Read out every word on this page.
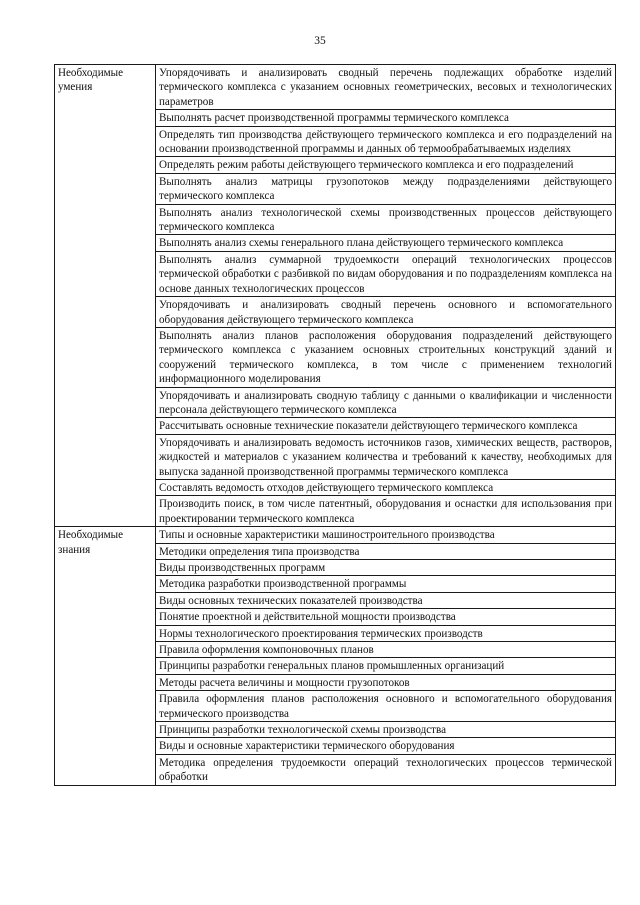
35
Необходимые умения	Упорядочивать и анализировать сводный перечень подлежащих обработке изделий термического комплекса с указанием основных геометрических, весовых и технологических параметров
	Выполнять расчет производственной программы термического комплекса
	Определять тип производства действующего термического комплекса и его подразделений на основании производственной программы и данных об термообрабатываемых изделиях
	Определять режим работы действующего термического комплекса и его подразделений
	Выполнять анализ матрицы грузопотоков между подразделениями действующего термического комплекса
	Выполнять анализ технологической схемы производственных процессов действующего термического комплекса
	Выполнять анализ схемы генерального плана действующего термического комплекса
	Выполнять анализ суммарной трудоемкости операций технологических процессов термической обработки с разбивкой по видам оборудования и по подразделениям комплекса на основе данных технологических процессов
	Упорядочивать и анализировать сводный перечень основного и вспомогательного оборудования действующего термического комплекса
	Выполнять анализ планов расположения оборудования подразделений действующего термического комплекса с указанием основных строительных конструкций зданий и сооружений термического комплекса, в том числе с применением технологий информационного моделирования
	Упорядочивать и анализировать сводную таблицу с данными о квалификации и численности персонала действующего термического комплекса
	Рассчитывать основные технические показатели действующего термического комплекса
	Упорядочивать и анализировать ведомость источников газов, химических веществ, растворов, жидкостей и материалов с указанием количества и требований к качеству, необходимых для выпуска заданной производственной программы термического комплекса
	Составлять ведомость отходов действующего термического комплекса
	Производить поиск, в том числе патентный, оборудования и оснастки для использования при проектировании термического комплекса
Необходимые знания	Типы и основные характеристики машиностроительного производства
	Методики определения типа производства
	Виды производственных программ
	Методика разработки производственной программы
	Виды основных технических показателей производства
	Понятие проектной и действительной мощности производства
	Нормы технологического проектирования термических производств
	Правила оформления компоновочных планов
	Принципы разработки генеральных планов промышленных организаций
	Методы расчета величины и мощности грузопотоков
	Правила оформления планов расположения основного и вспомогательного оборудования термического производства
	Принципы разработки технологической схемы производства
	Виды и основные характеристики термического оборудования
	Методика определения трудоемкости операций технологических процессов термической обработки
